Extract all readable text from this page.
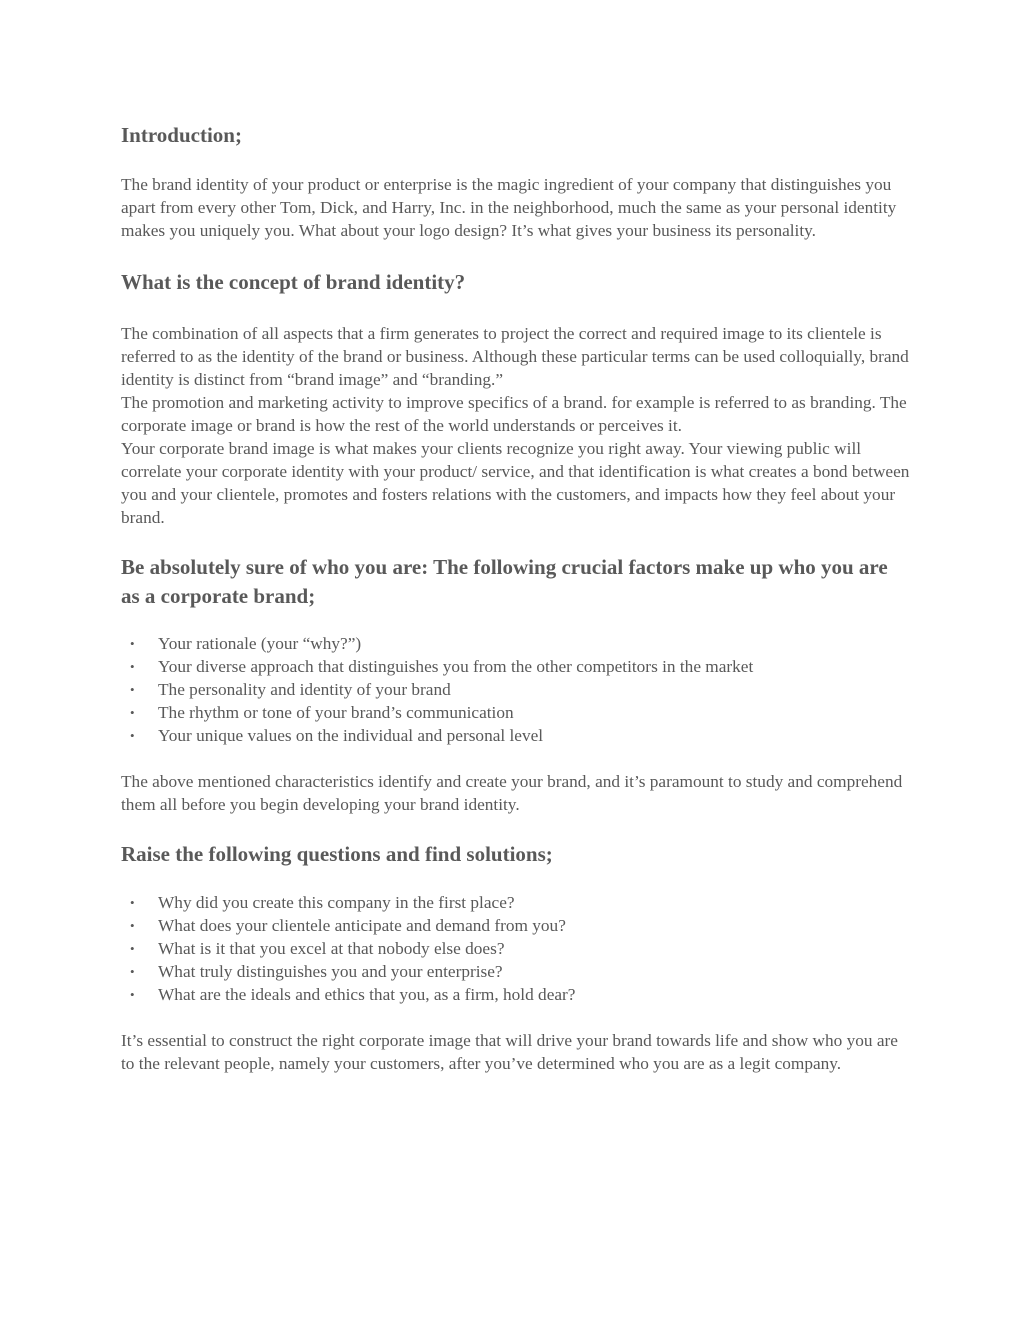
Introduction;

The brand identity of your product or enterprise is the magic ingredient of your company that distinguishes you apart from every other Tom, Dick, and Harry, Inc. in the neighborhood, much the same as your personal identity makes you uniquely you. What about your logo design? It’s what gives your business its personality.

What is the concept of brand identity?

The combination of all aspects that a firm generates to project the correct and required image to its clientele is referred to as the identity of the brand or business. Although these particular terms can be used colloquially, brand identity is distinct from “brand image” and “branding.”

The promotion and marketing activity to improve specifics of a brand. for example is referred to as branding. The corporate image or brand is how the rest of the world understands or perceives it.

Your corporate brand image is what makes your clients recognize you right away. Your viewing public will correlate your corporate identity with your product/ service, and that identification is what creates a bond between you and your clientele, promotes and fosters relations with the customers, and impacts how they feel about your brand.

Be absolutely sure of who you are: The following crucial factors make up who you are as a corporate brand;
• Your rationale (your “why?”)
• Your diverse approach that distinguishes you from the other competitors in the market
• The personality and identity of your brand
• The rhythm or tone of your brand’s communication
• Your unique values on the individual and personal level

The above mentioned characteristics identify and create your brand, and it’s paramount to study and comprehend them all before you begin developing your brand identity.

Raise the following questions and find solutions;
• Why did you create this company in the first place?
• What does your clientele anticipate and demand from you?
• What is it that you excel at that nobody else does?
• What truly distinguishes you and your enterprise?
• What are the ideals and ethics that you, as a firm, hold dear?

It’s essential to construct the right corporate image that will drive your brand towards life and show who you are to the relevant people, namely your customers, after you’ve determined who you are as a legit company.
